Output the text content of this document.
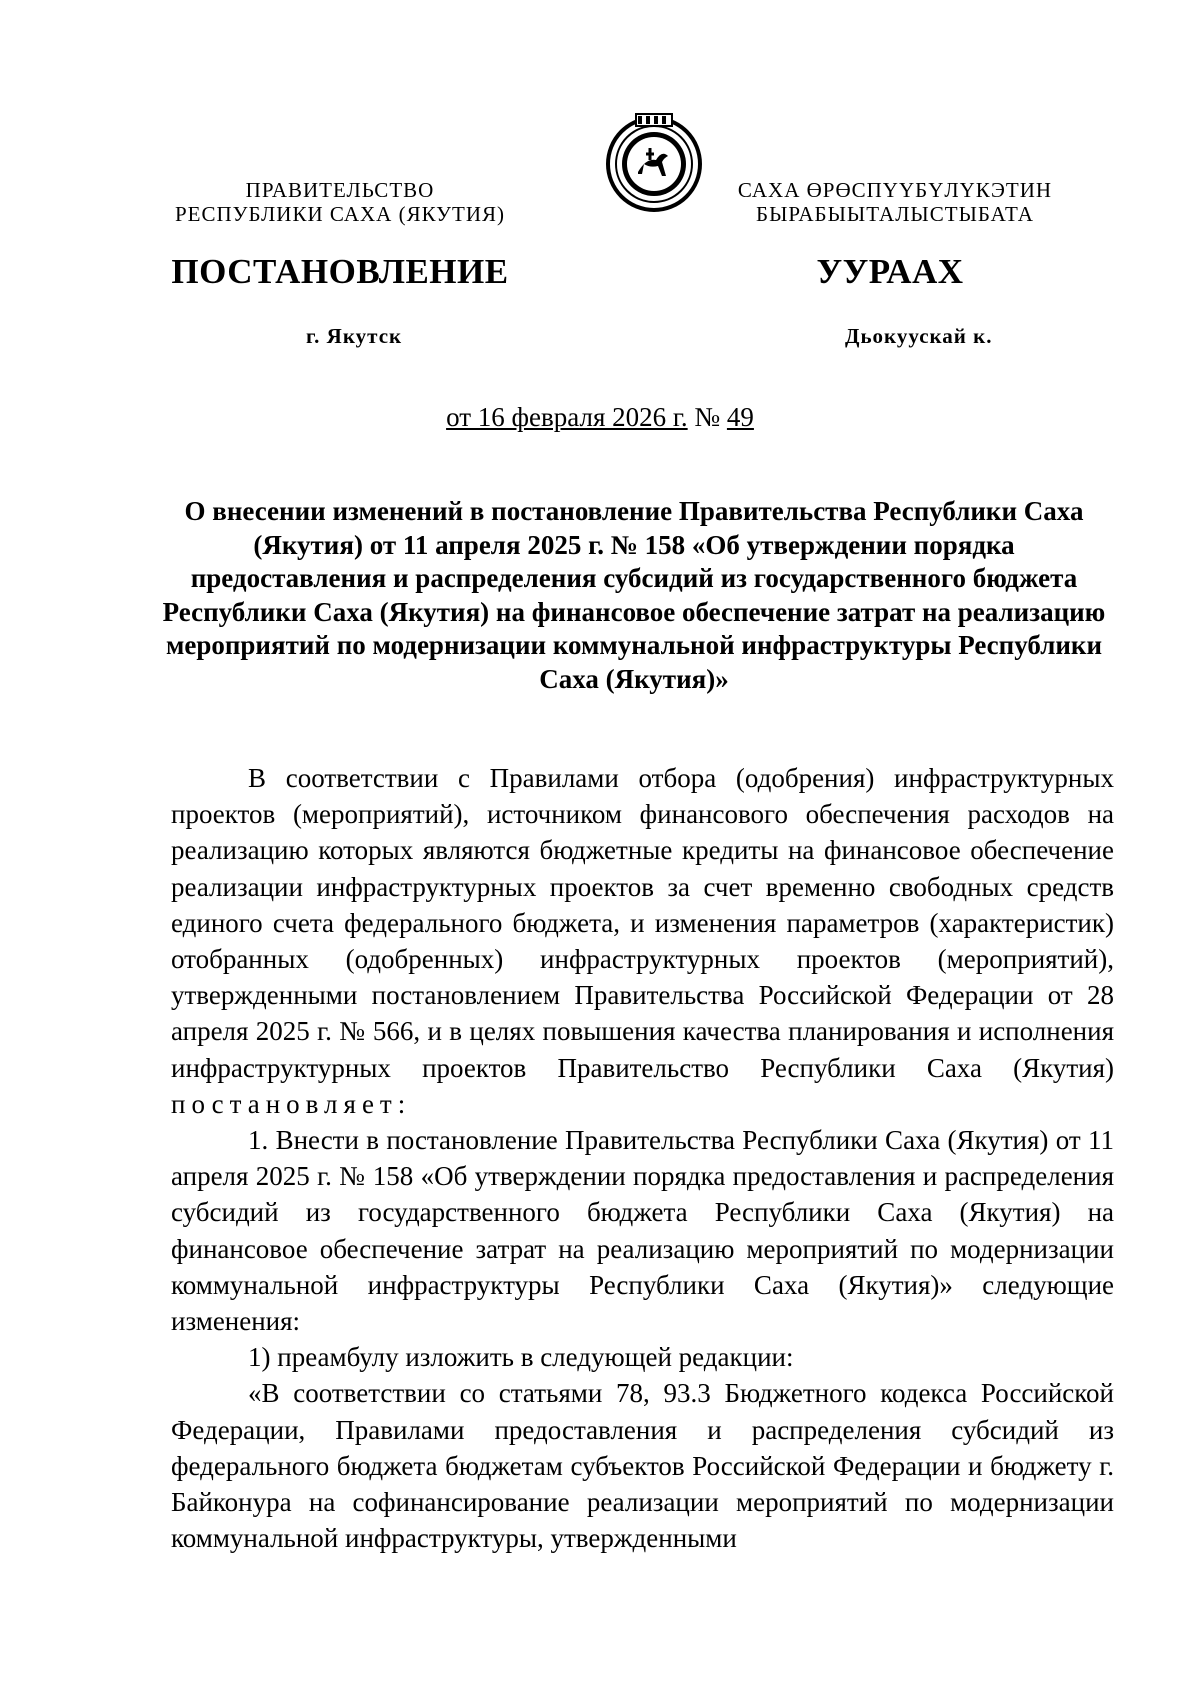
ПРАВИТЕЛЬСТВО
РЕСПУБЛИКИ САХА (ЯКУТИЯ)
САХА ӨРӨСПҮҮБҮЛҮКЭТИН
БЫРАБЫЫТАЛЫСТЫБАТА
ПОСТАНОВЛЕНИЕ	УУРААХ
г. Якутск	Дьокуускай к.
от 16 февраля 2026 г. № 49
О внесении изменений в постановление Правительства Республики Саха (Якутия) от 11 апреля 2025 г. № 158 «Об утверждении порядка предоставления и распределения субсидий из государственного бюджета Республики Саха (Якутия) на финансовое обеспечение затрат на реализацию мероприятий по модернизации коммунальной инфраструктуры Республики Саха (Якутия)»

В соответствии с Правилами отбора (одобрения) инфраструктурных проектов (мероприятий), источником финансового обеспечения расходов на реализацию которых являются бюджетные кредиты на финансовое обеспечение реализации инфраструктурных проектов за счет временно свободных средств единого счета федерального бюджета, и изменения параметров (характеристик) отобранных (одобренных) инфраструктурных проектов (мероприятий), утвержденными постановлением Правительства Российской Федерации от 28 апреля 2025 г. № 566, и в целях повышения качества планирования и исполнения инфраструктурных проектов Правительство Республики Саха (Якутия) постановляет:

1. Внести в постановление Правительства Республики Саха (Якутия) от 11 апреля 2025 г. № 158 «Об утверждении порядка предоставления и распределения субсидий из государственного бюджета Республики Саха (Якутия) на финансовое обеспечение затрат на реализацию мероприятий по модернизации коммунальной инфраструктуры Республики Саха (Якутия)» следующие изменения:

1) преамбулу изложить в следующей редакции:

«В соответствии со статьями 78, 93.3 Бюджетного кодекса Российской Федерации, Правилами предоставления и распределения субсидий из федерального бюджета бюджетам субъектов Российской Федерации и бюджету г. Байконура на софинансирование реализации мероприятий по модернизации коммунальной инфраструктуры, утвержденными
